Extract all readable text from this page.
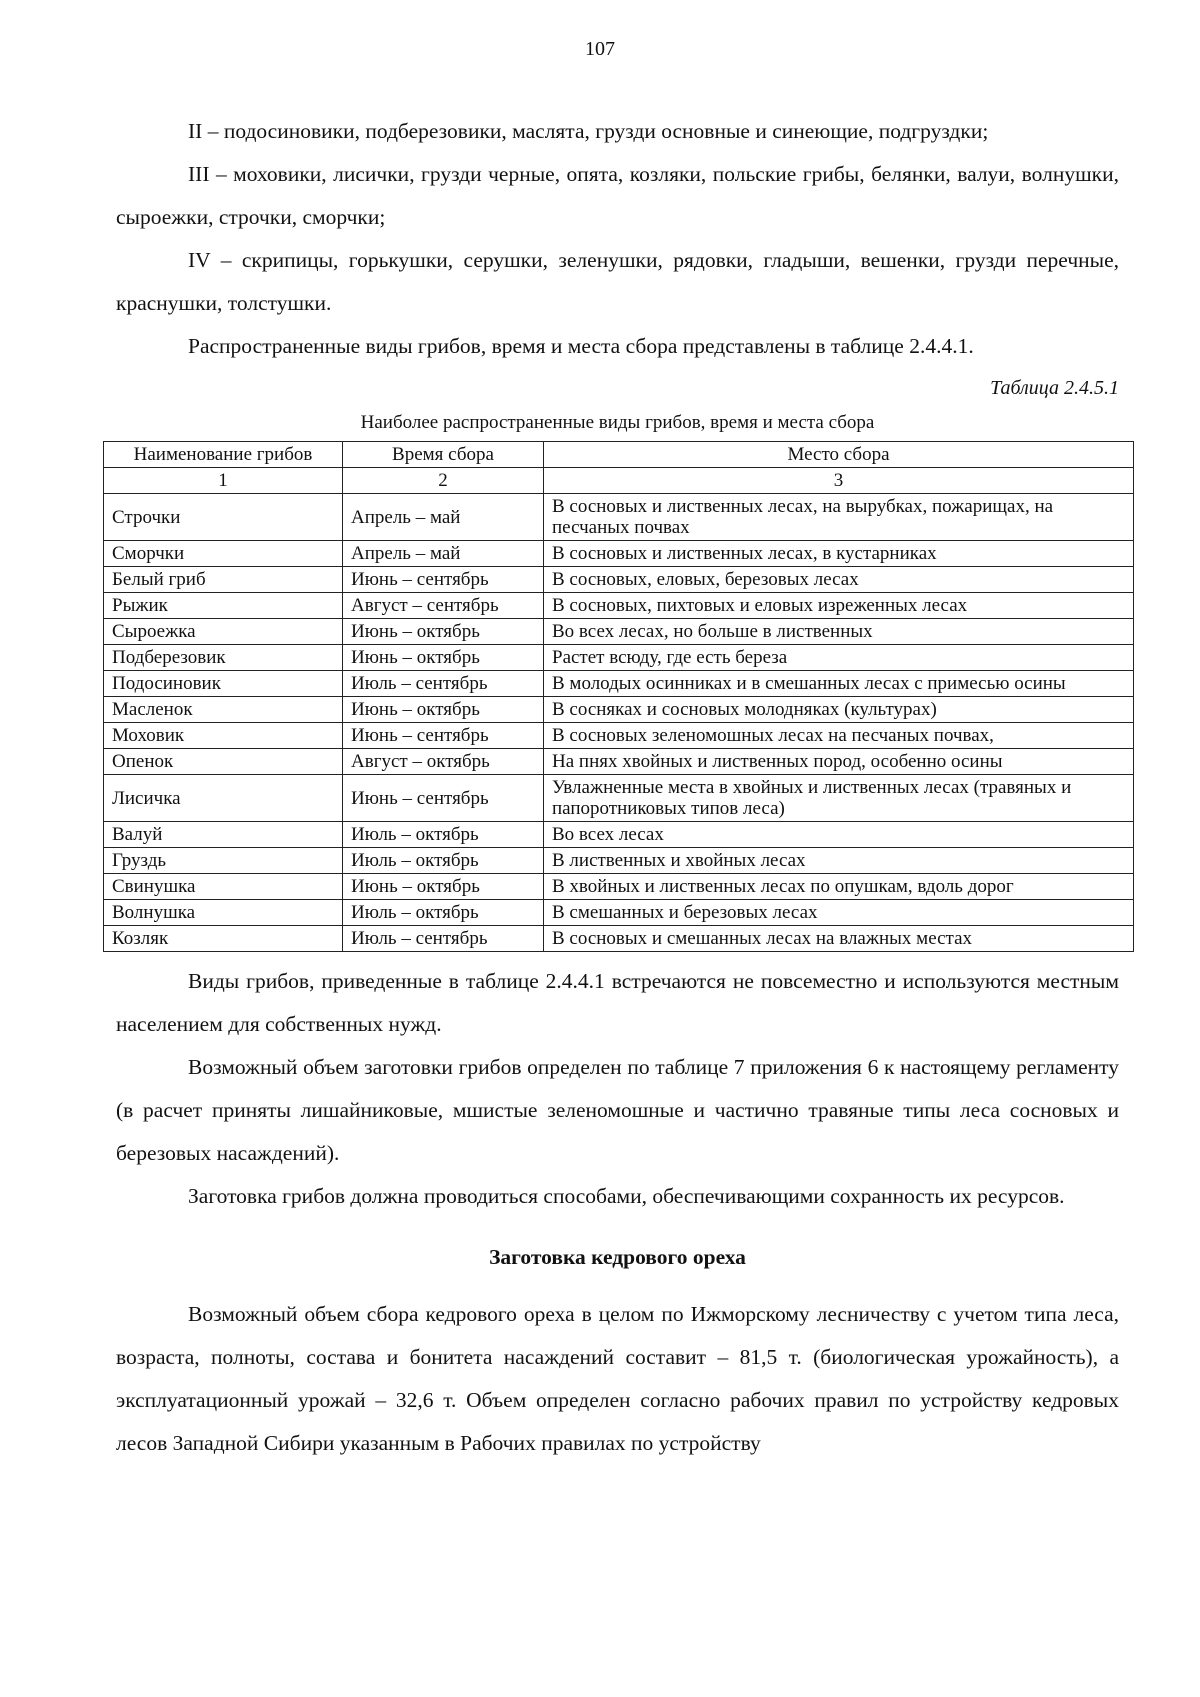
107

II – подосиновики, подберезовики, маслята, грузди основные и синеющие, подгруздки;

III – моховики, лисички, грузди черные, опята, козляки, польские грибы, белянки, валуи, волнушки, сыроежки, строчки, сморчки;

IV – скрипицы, горькушки, серушки, зеленушки, рядовки, гладыши, вешенки, грузди перечные, краснушки, толстушки.

Распространенные виды грибов, время и места сбора представлены в таблице 2.4.4.1.

Таблица 2.4.5.1
Наиболее распространенные виды грибов, время и места сбора
Наименование грибов	Время сбора	Место сбора
1	2	3
Строчки	Апрель – май	В сосновых и лиственных лесах, на вырубках, пожарищах, на песчаных почвах
Сморчки	Апрель – май	В сосновых и лиственных лесах, в кустарниках
Белый гриб	Июнь – сентябрь	В сосновых, еловых, березовых лесах
Рыжик	Август – сентябрь	В сосновых, пихтовых и еловых изреженных лесах
Сыроежка	Июнь – октябрь	Во всех лесах, но больше в лиственных
Подберезовик	Июнь – октябрь	Растет всюду, где есть береза
Подосиновик	Июль – сентябрь	В молодых осинниках и в смешанных лесах с примесью осины
Масленок	Июнь – октябрь	В сосняках и сосновых молодняках (культурах)
Моховик	Июнь – сентябрь	В сосновых зеленомошных лесах на песчаных почвах,
Опенок	Август – октябрь	На пнях хвойных и лиственных пород, особенно осины
Лисичка	Июнь – сентябрь	Увлажненные места в хвойных и лиственных лесах (травяных и папоротниковых типов леса)
Валуй	Июль – октябрь	Во всех лесах
Груздь	Июль – октябрь	В лиственных и хвойных лесах
Свинушка	Июнь – октябрь	В хвойных и лиственных лесах по опушкам, вдоль дорог
Волнушка	Июль – октябрь	В смешанных и березовых лесах
Козляк	Июль – сентябрь	В сосновых и смешанных лесах на влажных местах

Виды грибов, приведенные в таблице 2.4.4.1 встречаются не повсеместно и используются местным населением для собственных нужд.

Возможный объем заготовки грибов определен по таблице 7 приложения 6 к настоящему регламенту (в расчет приняты лишайниковые, мшистые зеленомошные и частично травяные типы леса сосновых и березовых насаждений).

Заготовка грибов должна проводиться способами, обеспечивающими сохранность их ресурсов.

Заготовка кедрового ореха

Возможный объем сбора кедрового ореха в целом по Ижморскому лесничеству с учетом типа леса, возраста, полноты, состава и бонитета насаждений составит – 81,5 т. (биологическая урожайность), а эксплуатационный урожай – 32,6 т. Объем определен согласно рабочих правил по устройству кедровых лесов Западной Сибири указанным в Рабочих правилах по устройству
